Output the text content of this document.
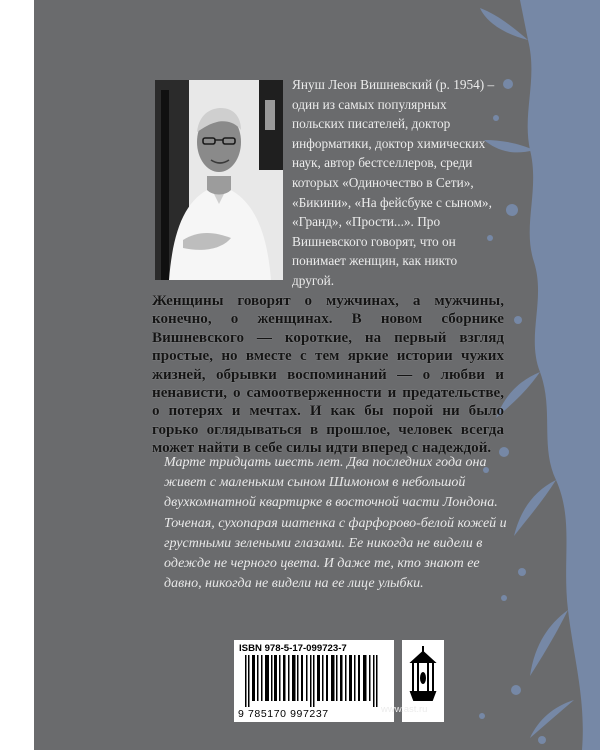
Януш Леон Вишневский (р. 1954) – один из самых популярных польских писателей, доктор информатики, доктор химических наук, автор бестселлеров, среди которых «Одиночество в Сети», «Бикини», «На фейсбуке с сыном», «Гранд», «Прости...». Про Вишневского говорят, что он понимает женщин, как никто другой.

Женщины говорят о мужчинах, а мужчины, конечно, о женщинах. В новом сборнике Вишневского — короткие, на первый взгляд простые, но вместе с тем яркие истории чужих жизней, обрывки воспоминаний — о любви и ненависти, о самоотверженности и предательстве, о потерях и мечтах. И как бы порой ни было горько оглядываться в прошлое, человек всегда может найти в себе силы идти вперед с надеждой.

Марте тридцать шесть лет. Два последних года она живет с маленьким сыном Шимоном в небольшой двухкомнатной квартирке в восточной части Лондона. Точеная, сухопарая шатенка с фарфорово-белой кожей и грустными зелеными глазами. Ее никогда не видели в одежде не черного цвета. И даже те, кто знают ее давно, никогда не видели на ее лице улыбки.

ISBN 978-5-17-099723-7
9 785170 997237	www.ast.ru
